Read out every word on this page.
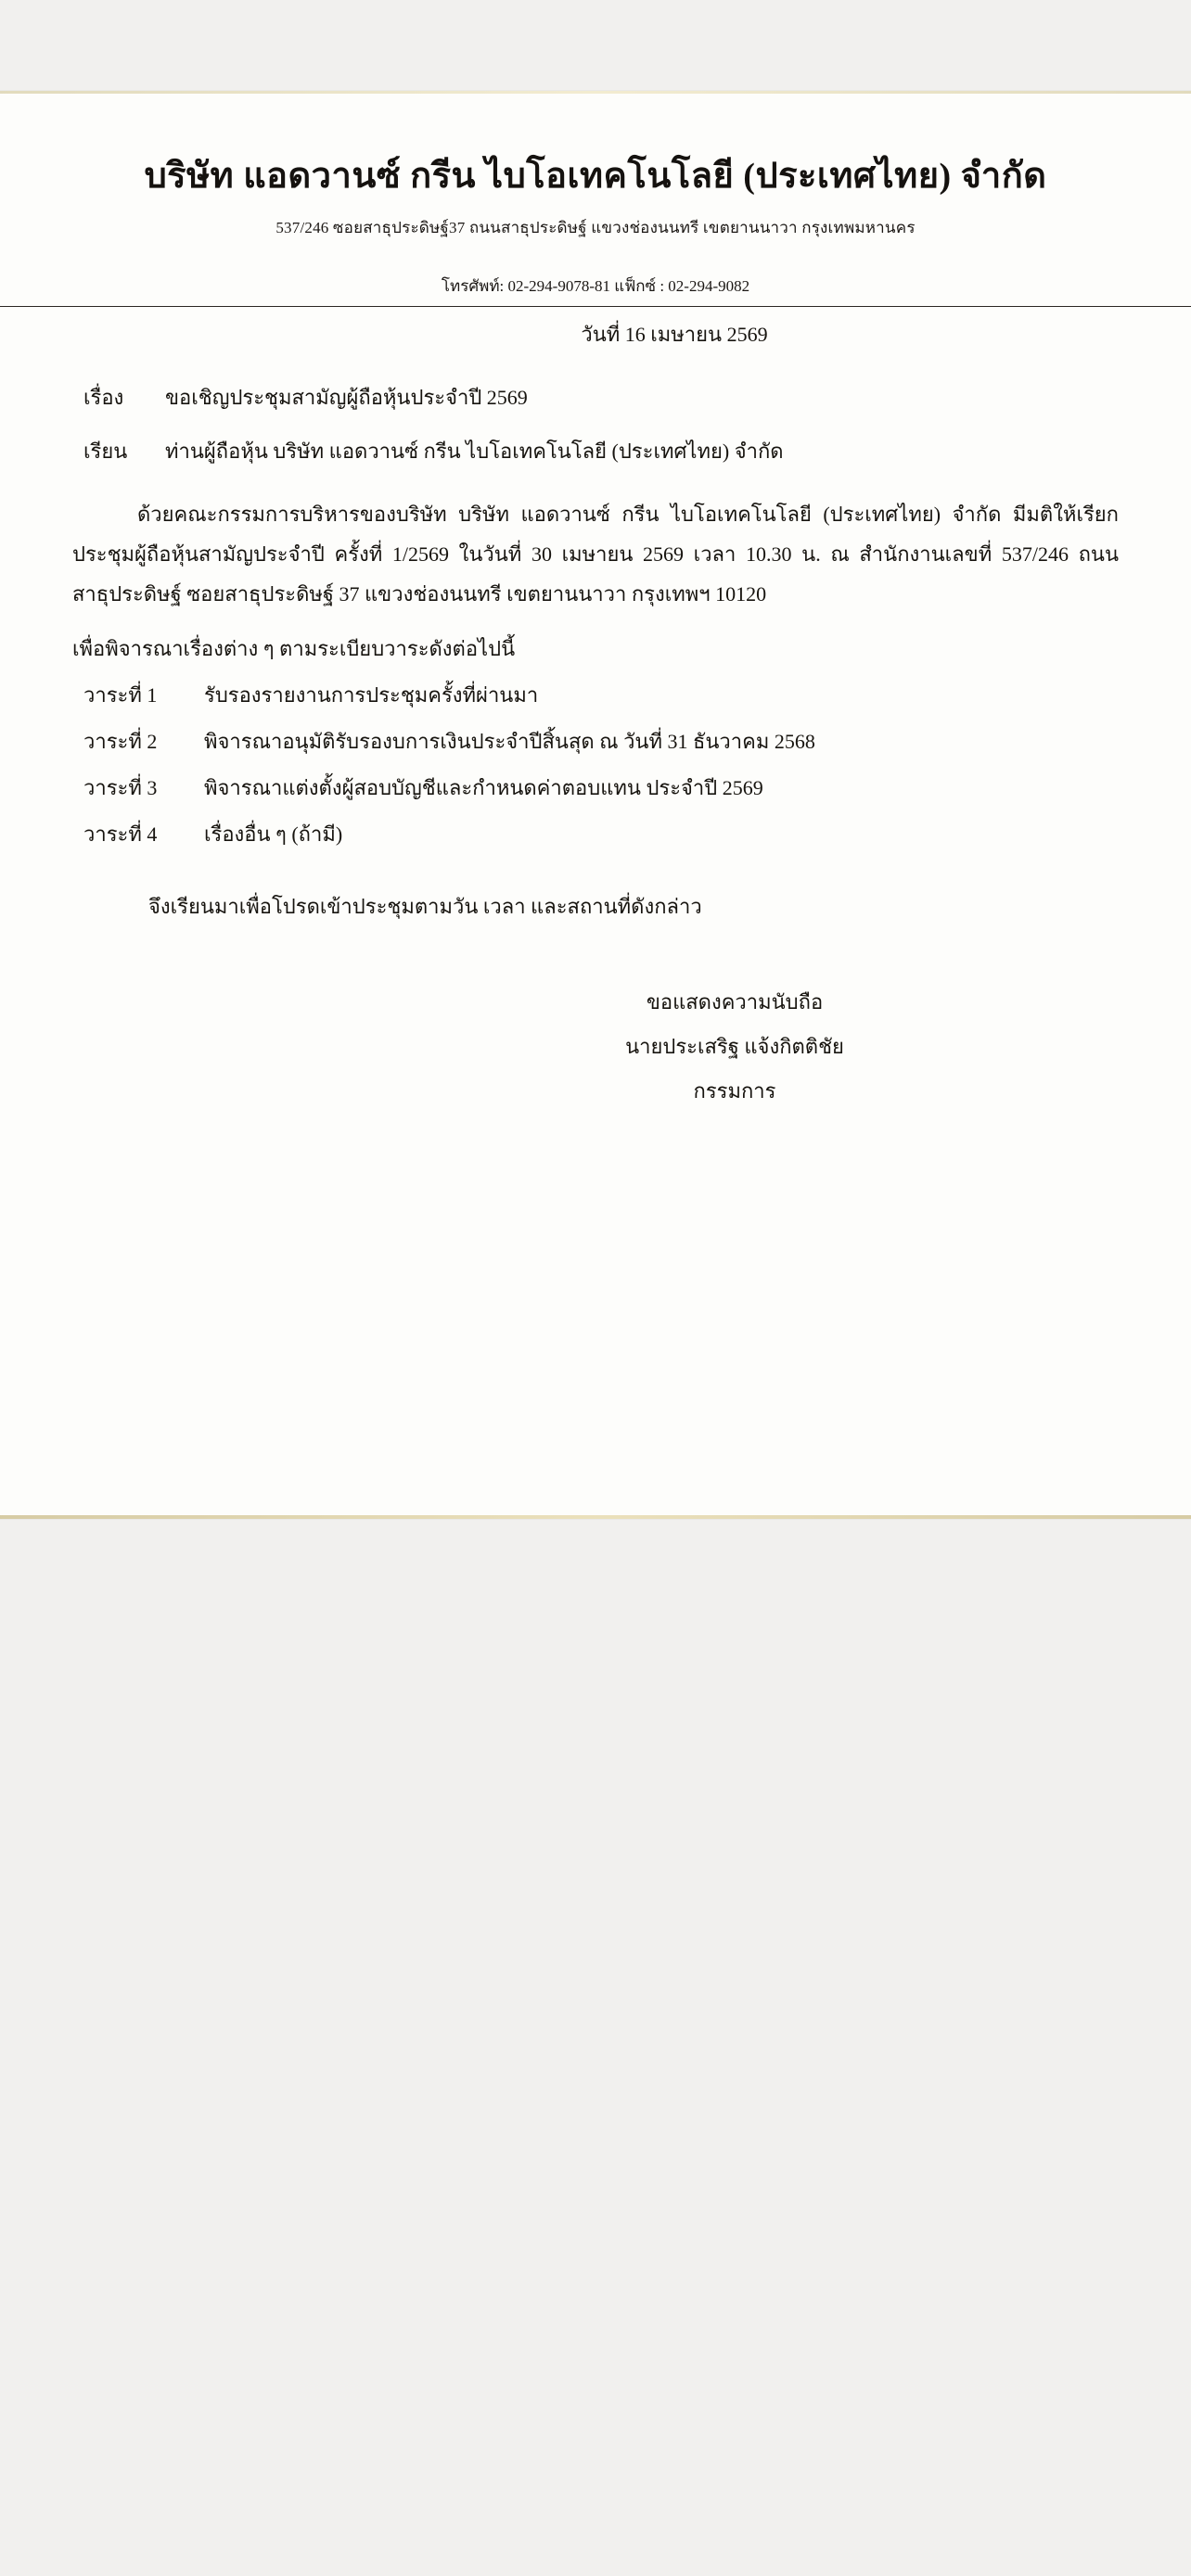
บริษัท แอดวานซ์ กรีน ไบโอเทคโนโลยี (ประเทศไทย) จำกัด
537/246 ซอยสาธุประดิษฐ์37 ถนนสาธุประดิษฐ์ แขวงช่องนนทรี เขตยานนาวา กรุงเทพมหานคร
โทรศัพท์: 02-294-9078-81 แฟ็กซ์ : 02-294-9082
วันที่ 16 เมษายน 2569
เรื่อง	ขอเชิญประชุมสามัญผู้ถือหุ้นประจำปี 2569
เรียน	ท่านผู้ถือหุ้น บริษัท แอดวานซ์ กรีน ไบโอเทคโนโลยี (ประเทศไทย) จำกัด
ด้วยคณะกรรมการบริหารของบริษัท บริษัท แอดวานซ์ กรีน ไบโอเทคโนโลยี (ประเทศไทย) จำกัด มีมติให้เรียกประชุมผู้ถือหุ้นสามัญประจำปี ครั้งที่ 1/2569 ในวันที่ 30 เมษายน 2569 เวลา 10.30 น. ณ สำนักงานเลขที่ 537/246 ถนนสาธุประดิษฐ์ ซอยสาธุประดิษฐ์ 37 แขวงช่องนนทรี เขตยานนาวา กรุงเทพฯ 10120
เพื่อพิจารณาเรื่องต่าง ๆ ตามระเบียบวาระดังต่อไปนี้
วาระที่ 1	รับรองรายงานการประชุมครั้งที่ผ่านมา
วาระที่ 2	พิจารณาอนุมัติรับรองบการเงินประจำปีสิ้นสุด ณ วันที่ 31 ธันวาคม 2568
วาระที่ 3	พิจารณาแต่งตั้งผู้สอบบัญชีและกำหนดค่าตอบแทน ประจำปี 2569
วาระที่ 4	เรื่องอื่น ๆ (ถ้ามี)
จึงเรียนมาเพื่อโปรดเข้าประชุมตามวัน เวลา และสถานที่ดังกล่าว
ขอแสดงความนับถือ
นายประเสริฐ แจ้งกิตติชัย
กรรมการ
